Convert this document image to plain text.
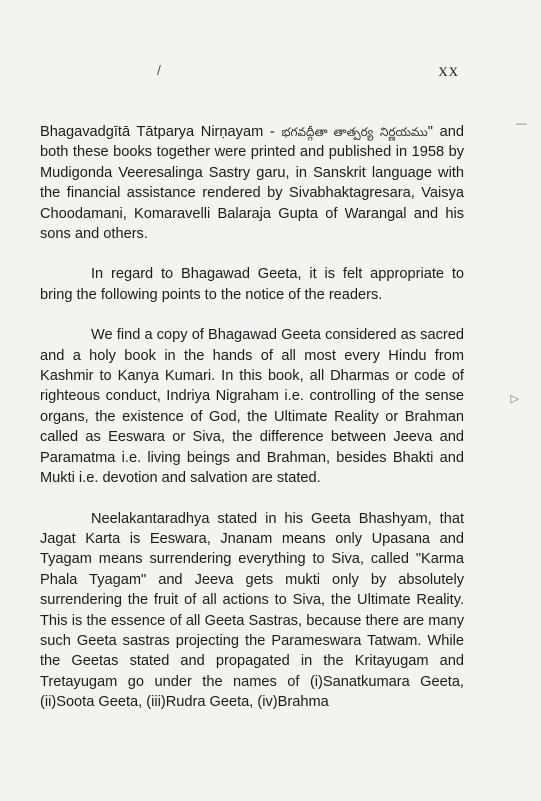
/	XX

Bhagavadgītā Tātparya Nirṇayam - భగవద్గీతా తాత్పర్య నిర్ణయము" and both these books together were printed and published in 1958 by Mudigonda Veeresalinga Sastry garu, in Sanskrit language with the financial assistance rendered by Sivabhaktagresara, Vaisya Choodamani, Komaravelli Balaraja Gupta of Warangal and his sons and others.

In regard to Bhagawad Geeta, it is felt appropriate to bring the following points to the notice of the readers.

We find a copy of Bhagawad Geeta considered as sacred and a holy book in the hands of all most every Hindu from Kashmir to Kanya Kumari. In this book, all Dharmas or code of righteous conduct, Indriya Nigraham i.e. controlling of the sense organs, the existence of God, the Ultimate Reality or Brahman called as Eeswara or Siva, the difference between Jeeva and Paramatma i.e. living beings and Brahman, besides Bhakti and Mukti i.e. devotion and salvation are stated.

Neelakantaradhya stated in his Geeta Bhashyam, that Jagat Karta is Eeswara, Jnanam means only Upasana and Tyagam means surrendering everything to Siva, called "Karma Phala Tyagam" and Jeeva gets mukti only by absolutely surrendering the fruit of all actions to Siva, the Ultimate Reality. This is the essence of all Geeta Sastras, because there are many such Geeta sastras projecting the Parameswara Tatwam. While the Geetas stated and propagated in the Kritayugam and Tretayugam go under the names of (i)Sanatkumara Geeta, (ii)Soota Geeta, (iii)Rudra Geeta, (iv)Brahma

—
▷
